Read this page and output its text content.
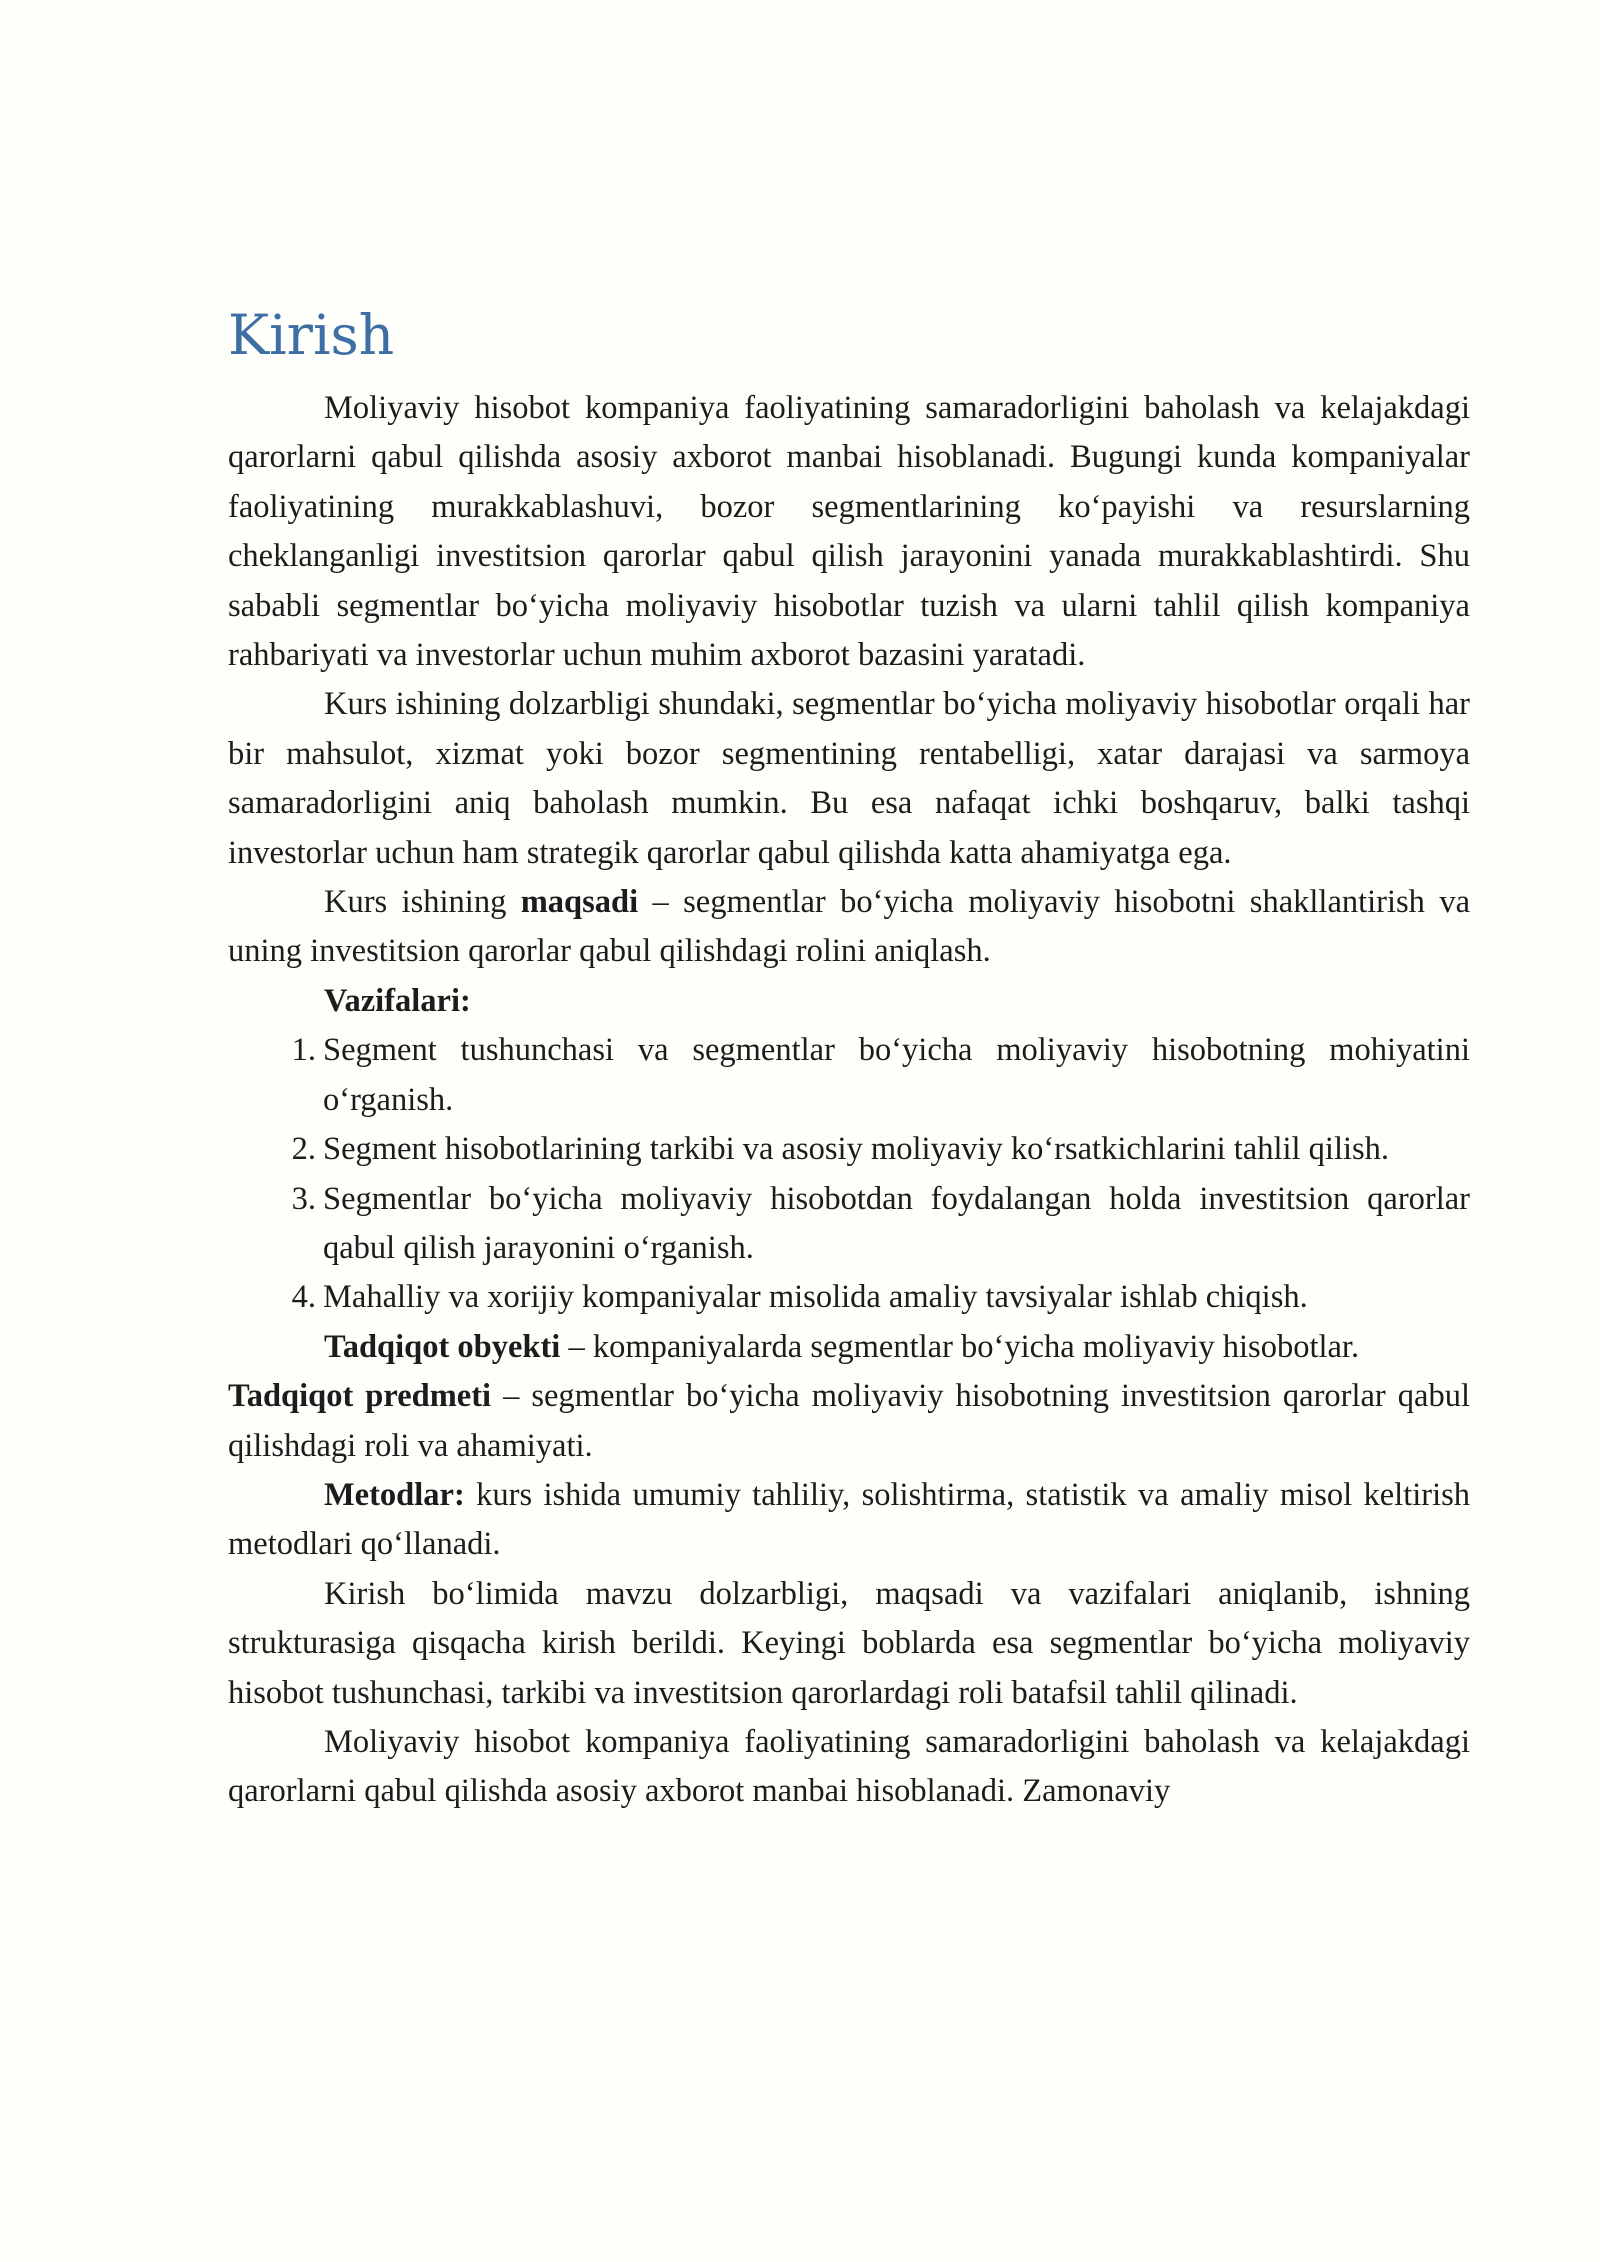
Kirish

Moliyaviy hisobot kompaniya faoliyatining samaradorligini baholash va kelajakdagi qarorlarni qabul qilishda asosiy axborot manbai hisoblanadi. Bugungi kunda kompaniyalar faoliyatining murakkablashuvi, bozor segmentlarining ko‘payishi va resurslarning cheklanganligi investitsion qarorlar qabul qilish jarayonini yanada murakkablashtirdi. Shu sababli segmentlar bo‘yicha moliyaviy hisobotlar tuzish va ularni tahlil qilish kompaniya rahbariyati va investorlar uchun muhim axborot bazasini yaratadi.

Kurs ishining dolzarbligi shundaki, segmentlar bo‘yicha moliyaviy hisobotlar orqali har bir mahsulot, xizmat yoki bozor segmentining rentabelligi, xatar darajasi va sarmoya samaradorligini aniq baholash mumkin. Bu esa nafaqat ichki boshqaruv, balki tashqi investorlar uchun ham strategik qarorlar qabul qilishda katta ahamiyatga ega.

Kurs ishining maqsadi – segmentlar bo‘yicha moliyaviy hisobotni shakllantirish va uning investitsion qarorlar qabul qilishdagi rolini aniqlash.

Vazifalari:

1. Segment tushunchasi va segmentlar bo‘yicha moliyaviy hisobotning mohiyatini o‘rganish.
2. Segment hisobotlarining tarkibi va asosiy moliyaviy ko‘rsatkichlarini tahlil qilish.
3. Segmentlar bo‘yicha moliyaviy hisobotdan foydalangan holda investitsion qarorlar qabul qilish jarayonini o‘rganish.
4. Mahalliy va xorijiy kompaniyalar misolida amaliy tavsiyalar ishlab chiqish.

Tadqiqot obyekti – kompaniyalarda segmentlar bo‘yicha moliyaviy hisobotlar.

Tadqiqot predmeti – segmentlar bo‘yicha moliyaviy hisobotning investitsion qarorlar qabul qilishdagi roli va ahamiyati.

Metodlar: kurs ishida umumiy tahliliy, solishtirma, statistik va amaliy misol keltirish metodlari qo‘llanadi.

Kirish bo‘limida mavzu dolzarbligi, maqsadi va vazifalari aniqlanib, ishning strukturasiga qisqacha kirish berildi. Keyingi boblarda esa segmentlar bo‘yicha moliyaviy hisobot tushunchasi, tarkibi va investitsion qarorlardagi roli batafsil tahlil qilinadi.

Moliyaviy hisobot kompaniya faoliyatining samaradorligini baholash va kelajakdagi qarorlarni qabul qilishda asosiy axborot manbai hisoblanadi. Zamonaviy
